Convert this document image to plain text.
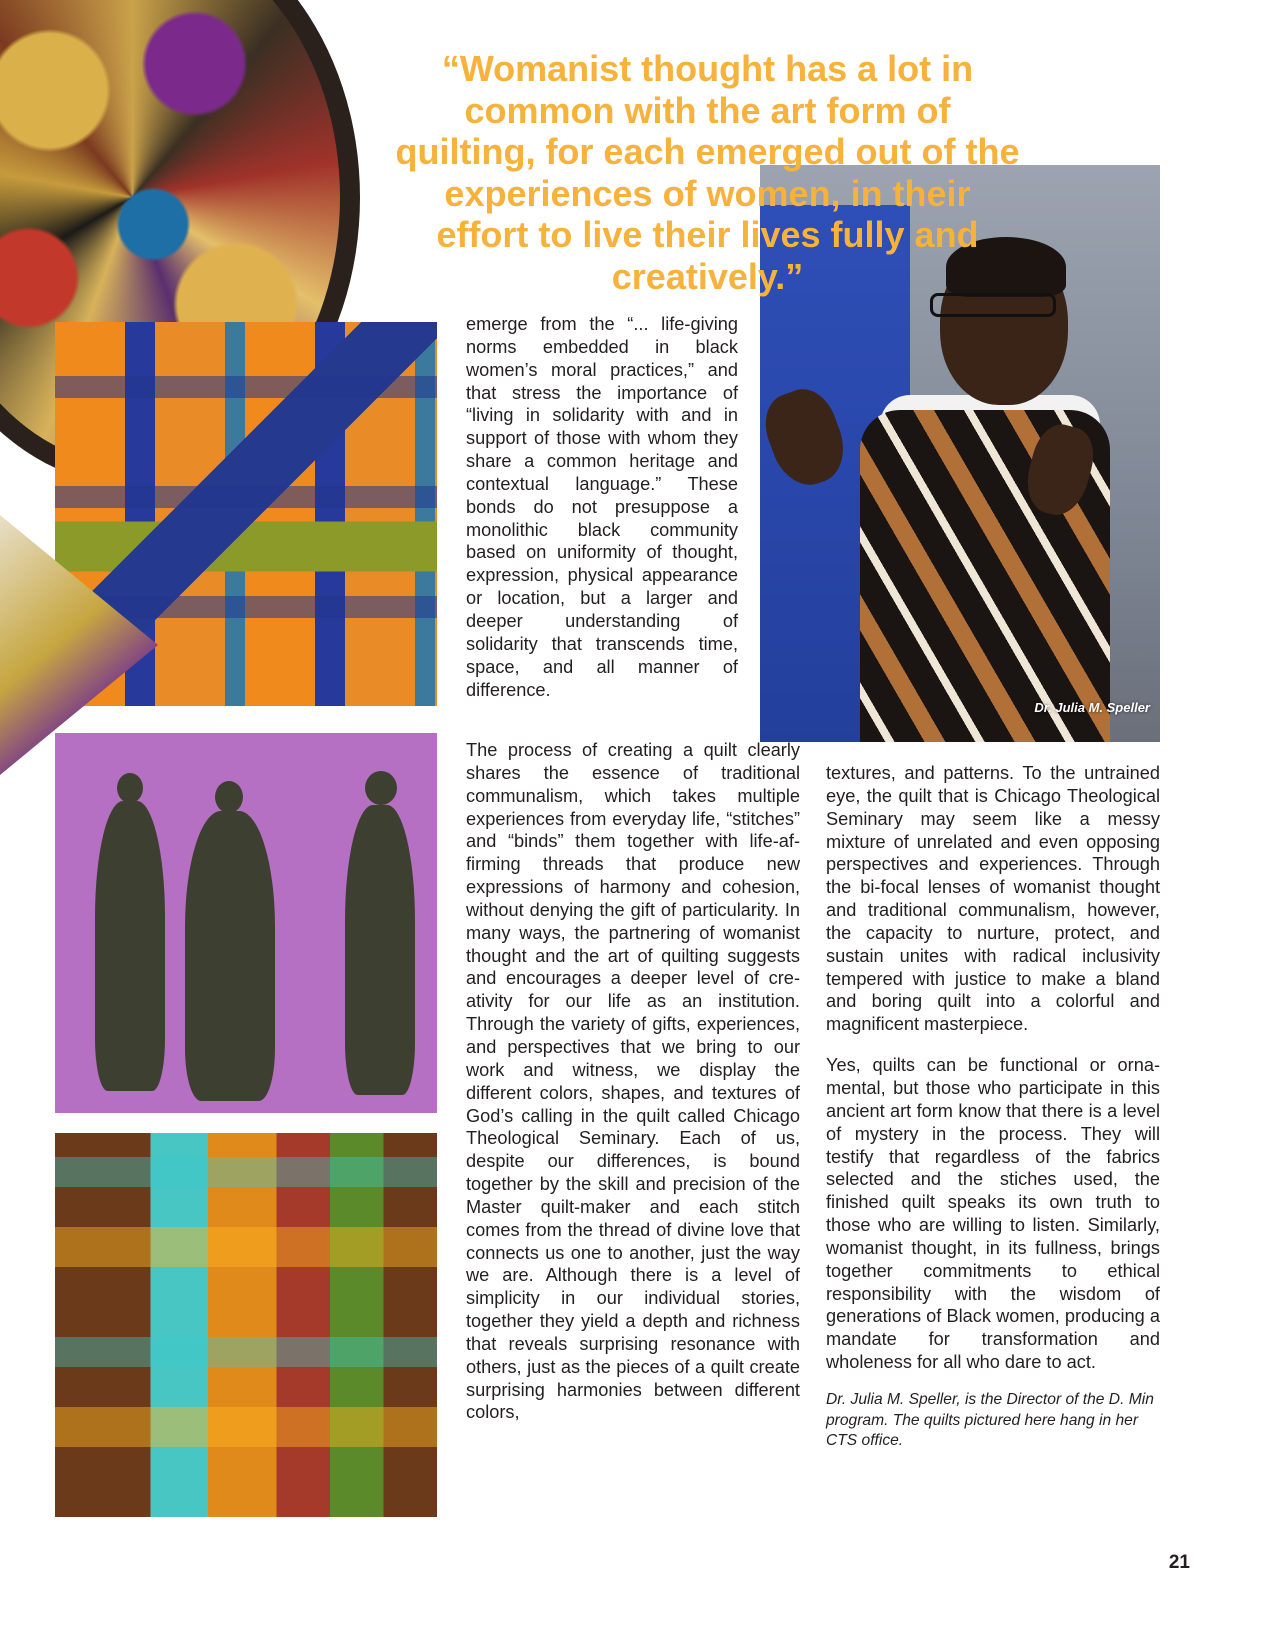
Dr. Julia M. Speller
“Womanist thought has a lot in common with the art form of quilting, for each emerged out of the experiences of women, in their effort to live their lives fully and creatively.”

emerge from the “... life-giving norms embedded in black women’s moral practices,” and that stress the importance of “living in solidarity with and in support of those with whom they share a common heritage and contextual language.” These bonds do not presuppose a monolithic black community based on uniformity of thought, expression, physical appearance or location, but a larger and deeper understanding of solidarity that transcends time, space, and all manner of difference.

The process of creating a quilt clearly shares the essence of traditional communalism, which takes multiple experiences from everyday life, “stitches” and “binds” them together with life-affirming threads that produce new expressions of harmony and cohesion, without denying the gift of particularity. In many ways, the partnering of womanist thought and the art of quilting suggests and encourages a deeper level of creativity for our life as an institution. Through the variety of gifts, experiences, and perspectives that we bring to our work and witness, we display the different colors, shapes, and textures of God’s calling in the quilt called Chicago Theological Seminary. Each of us, despite our differences, is bound together by the skill and precision of the Master quilt-maker and each stitch comes from the thread of divine love that connects us one to another, just the way we are. Although there is a level of simplicity in our individual stories, together they yield a depth and richness that reveals surprising resonance with others, just as the pieces of a quilt create surprising harmonies between different colors,

textures, and patterns. To the untrained eye, the quilt that is Chicago Theological Seminary may seem like a messy mixture of unrelated and even opposing perspectives and experiences. Through the bi-focal lenses of womanist thought and traditional communalism, however, the capacity to nurture, protect, and sustain unites with radical inclusivity tempered with justice to make a bland and boring quilt into a colorful and magnificent masterpiece.

Yes, quilts can be functional or ornamental, but those who participate in this ancient art form know that there is a level of mystery in the process. They will testify that regardless of the fabrics selected and the stiches used, the finished quilt speaks its own truth to those who are willing to listen. Similarly, womanist thought, in its fullness, brings together commitments to ethical responsibility with the wisdom of generations of Black women, producing a mandate for transformation and wholeness for all who dare to act.

Dr. Julia M. Speller, is the Director of the D. Min program. The quilts pictured here hang in her CTS office.

21
